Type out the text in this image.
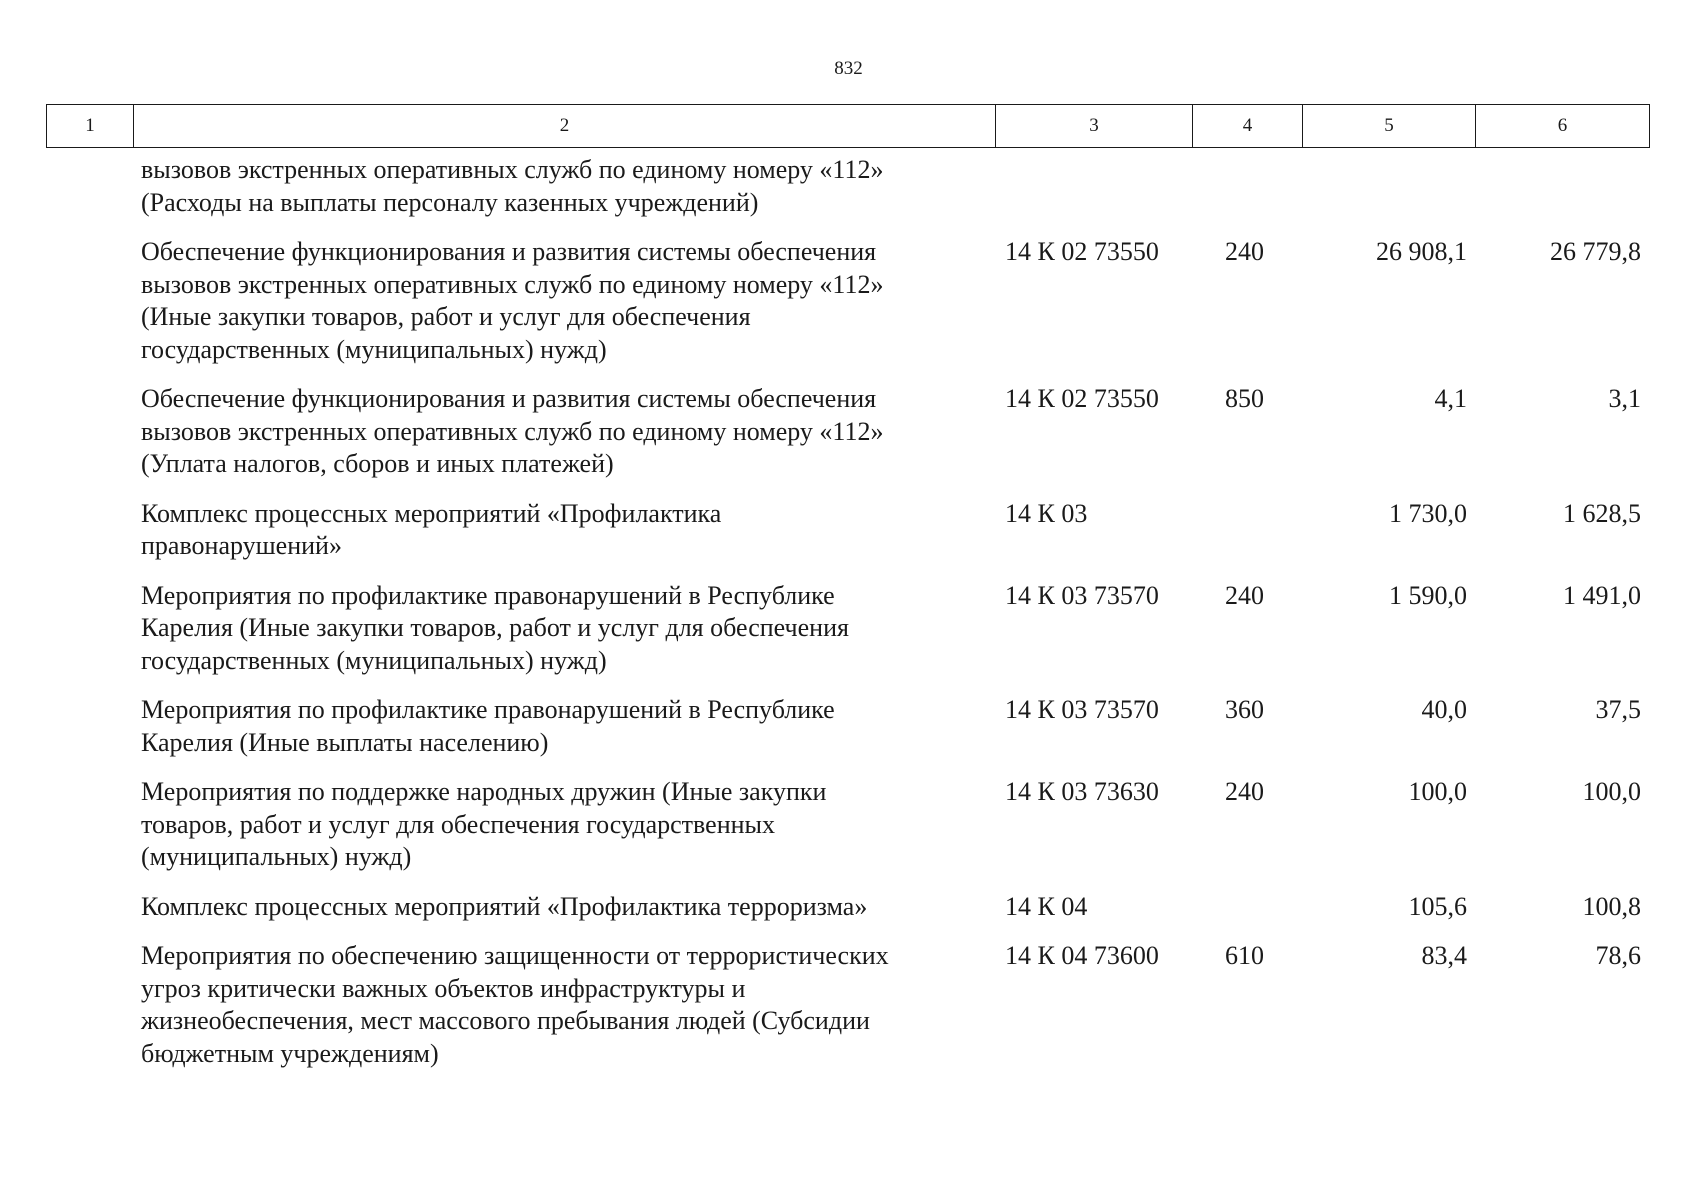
832
1	2	3	4	5	6
вызовов экстренных оперативных служб по единому номеру «112»
(Расходы на выплаты персоналу казенных учреждений)				
Обеспечение функционирования и развития системы обеспечения
вызовов экстренных оперативных служб по единому номеру «112»
(Иные закупки товаров, работ и услуг для обеспечения
государственных (муниципальных) нужд)	14 К 02 73550	240	26 908,1	26 779,8
Обеспечение функционирования и развития системы обеспечения
вызовов экстренных оперативных служб по единому номеру «112»
(Уплата налогов, сборов и иных платежей)	14 К 02 73550	850	4,1	3,1
Комплекс процессных мероприятий «Профилактика
правонарушений»	14 К 03		1 730,0	1 628,5
Мероприятия по профилактике правонарушений в Республике
Карелия (Иные закупки товаров, работ и услуг для обеспечения
государственных (муниципальных) нужд)	14 К 03 73570	240	1 590,0	1 491,0
Мероприятия по профилактике правонарушений в Республике
Карелия (Иные выплаты населению)	14 К 03 73570	360	40,0	37,5
Мероприятия по поддержке народных дружин (Иные закупки
товаров, работ и услуг для обеспечения государственных
(муниципальных) нужд)	14 К 03 73630	240	100,0	100,0
Комплекс процессных мероприятий «Профилактика терроризма»	14 К 04		105,6	100,8
Мероприятия по обеспечению защищенности от террористических
угроз критически важных объектов инфраструктуры и
жизнеобеспечения, мест массового пребывания людей (Субсидии
бюджетным учреждениям)	14 К 04 73600	610	83,4	78,6
